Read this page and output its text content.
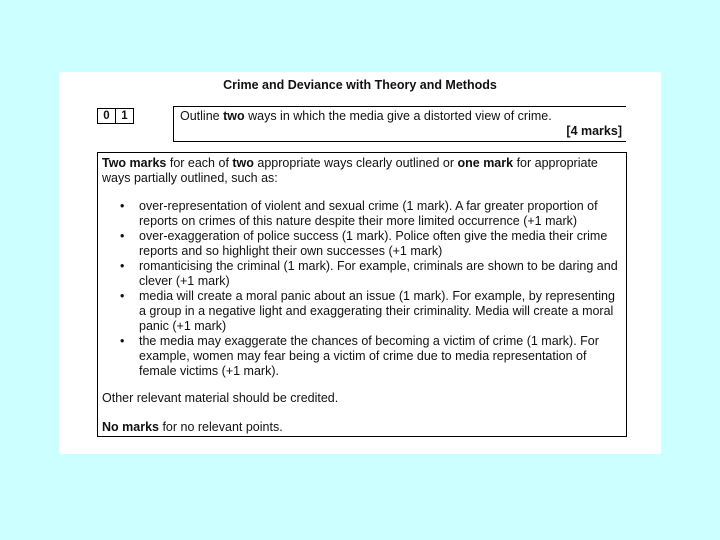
Crime and Deviance with Theory and Methods
0	1	Outline two ways in which the media give a distorted view of crime.
[4 marks]
Two marks for each of two appropriate ways clearly outlined or one mark for appropriate ways partially outlined, such as:
• over-representation of violent and sexual crime (1 mark). A far greater proportion of reports on crimes of this nature despite their more limited occurrence (+1 mark)
• over-exaggeration of police success (1 mark). Police often give the media their crime reports and so highlight their own successes (+1 mark)
• romanticising the criminal (1 mark). For example, criminals are shown to be daring and clever (+1 mark)
• media will create a moral panic about an issue (1 mark). For example, by representing a group in a negative light and exaggerating their criminality. Media will create a moral panic (+1 mark)
• the media may exaggerate the chances of becoming a victim of crime (1 mark). For example, women may fear being a victim of crime due to media representation of female victims (+1 mark).
Other relevant material should be credited.
No marks for no relevant points.
